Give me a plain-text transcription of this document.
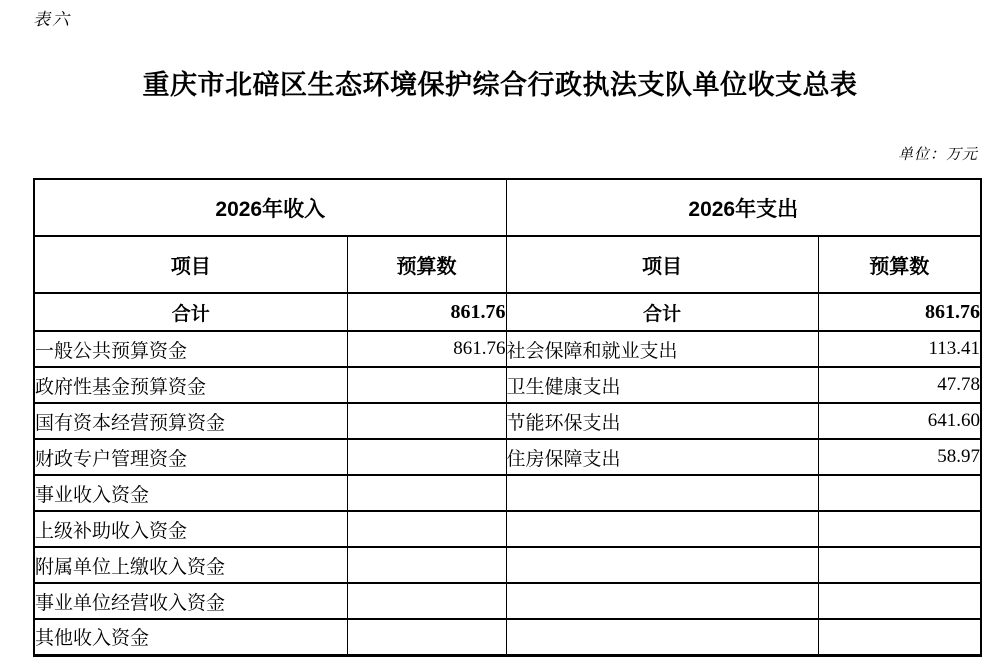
表六
重庆市北碚区生态环境保护综合行政执法支队单位收支总表
单位：万元
2026年收入		2026年支出	
项目	预算数	项目	预算数
合计	861.76	合计	861.76
一般公共预算资金	861.76	社会保障和就业支出	113.41
政府性基金预算资金		卫生健康支出	47.78
国有资本经营预算资金		节能环保支出	641.60
财政专户管理资金		住房保障支出	58.97
事业收入资金			
上级补助收入资金			
附属单位上缴收入资金			
事业单位经营收入资金			
其他收入资金			
